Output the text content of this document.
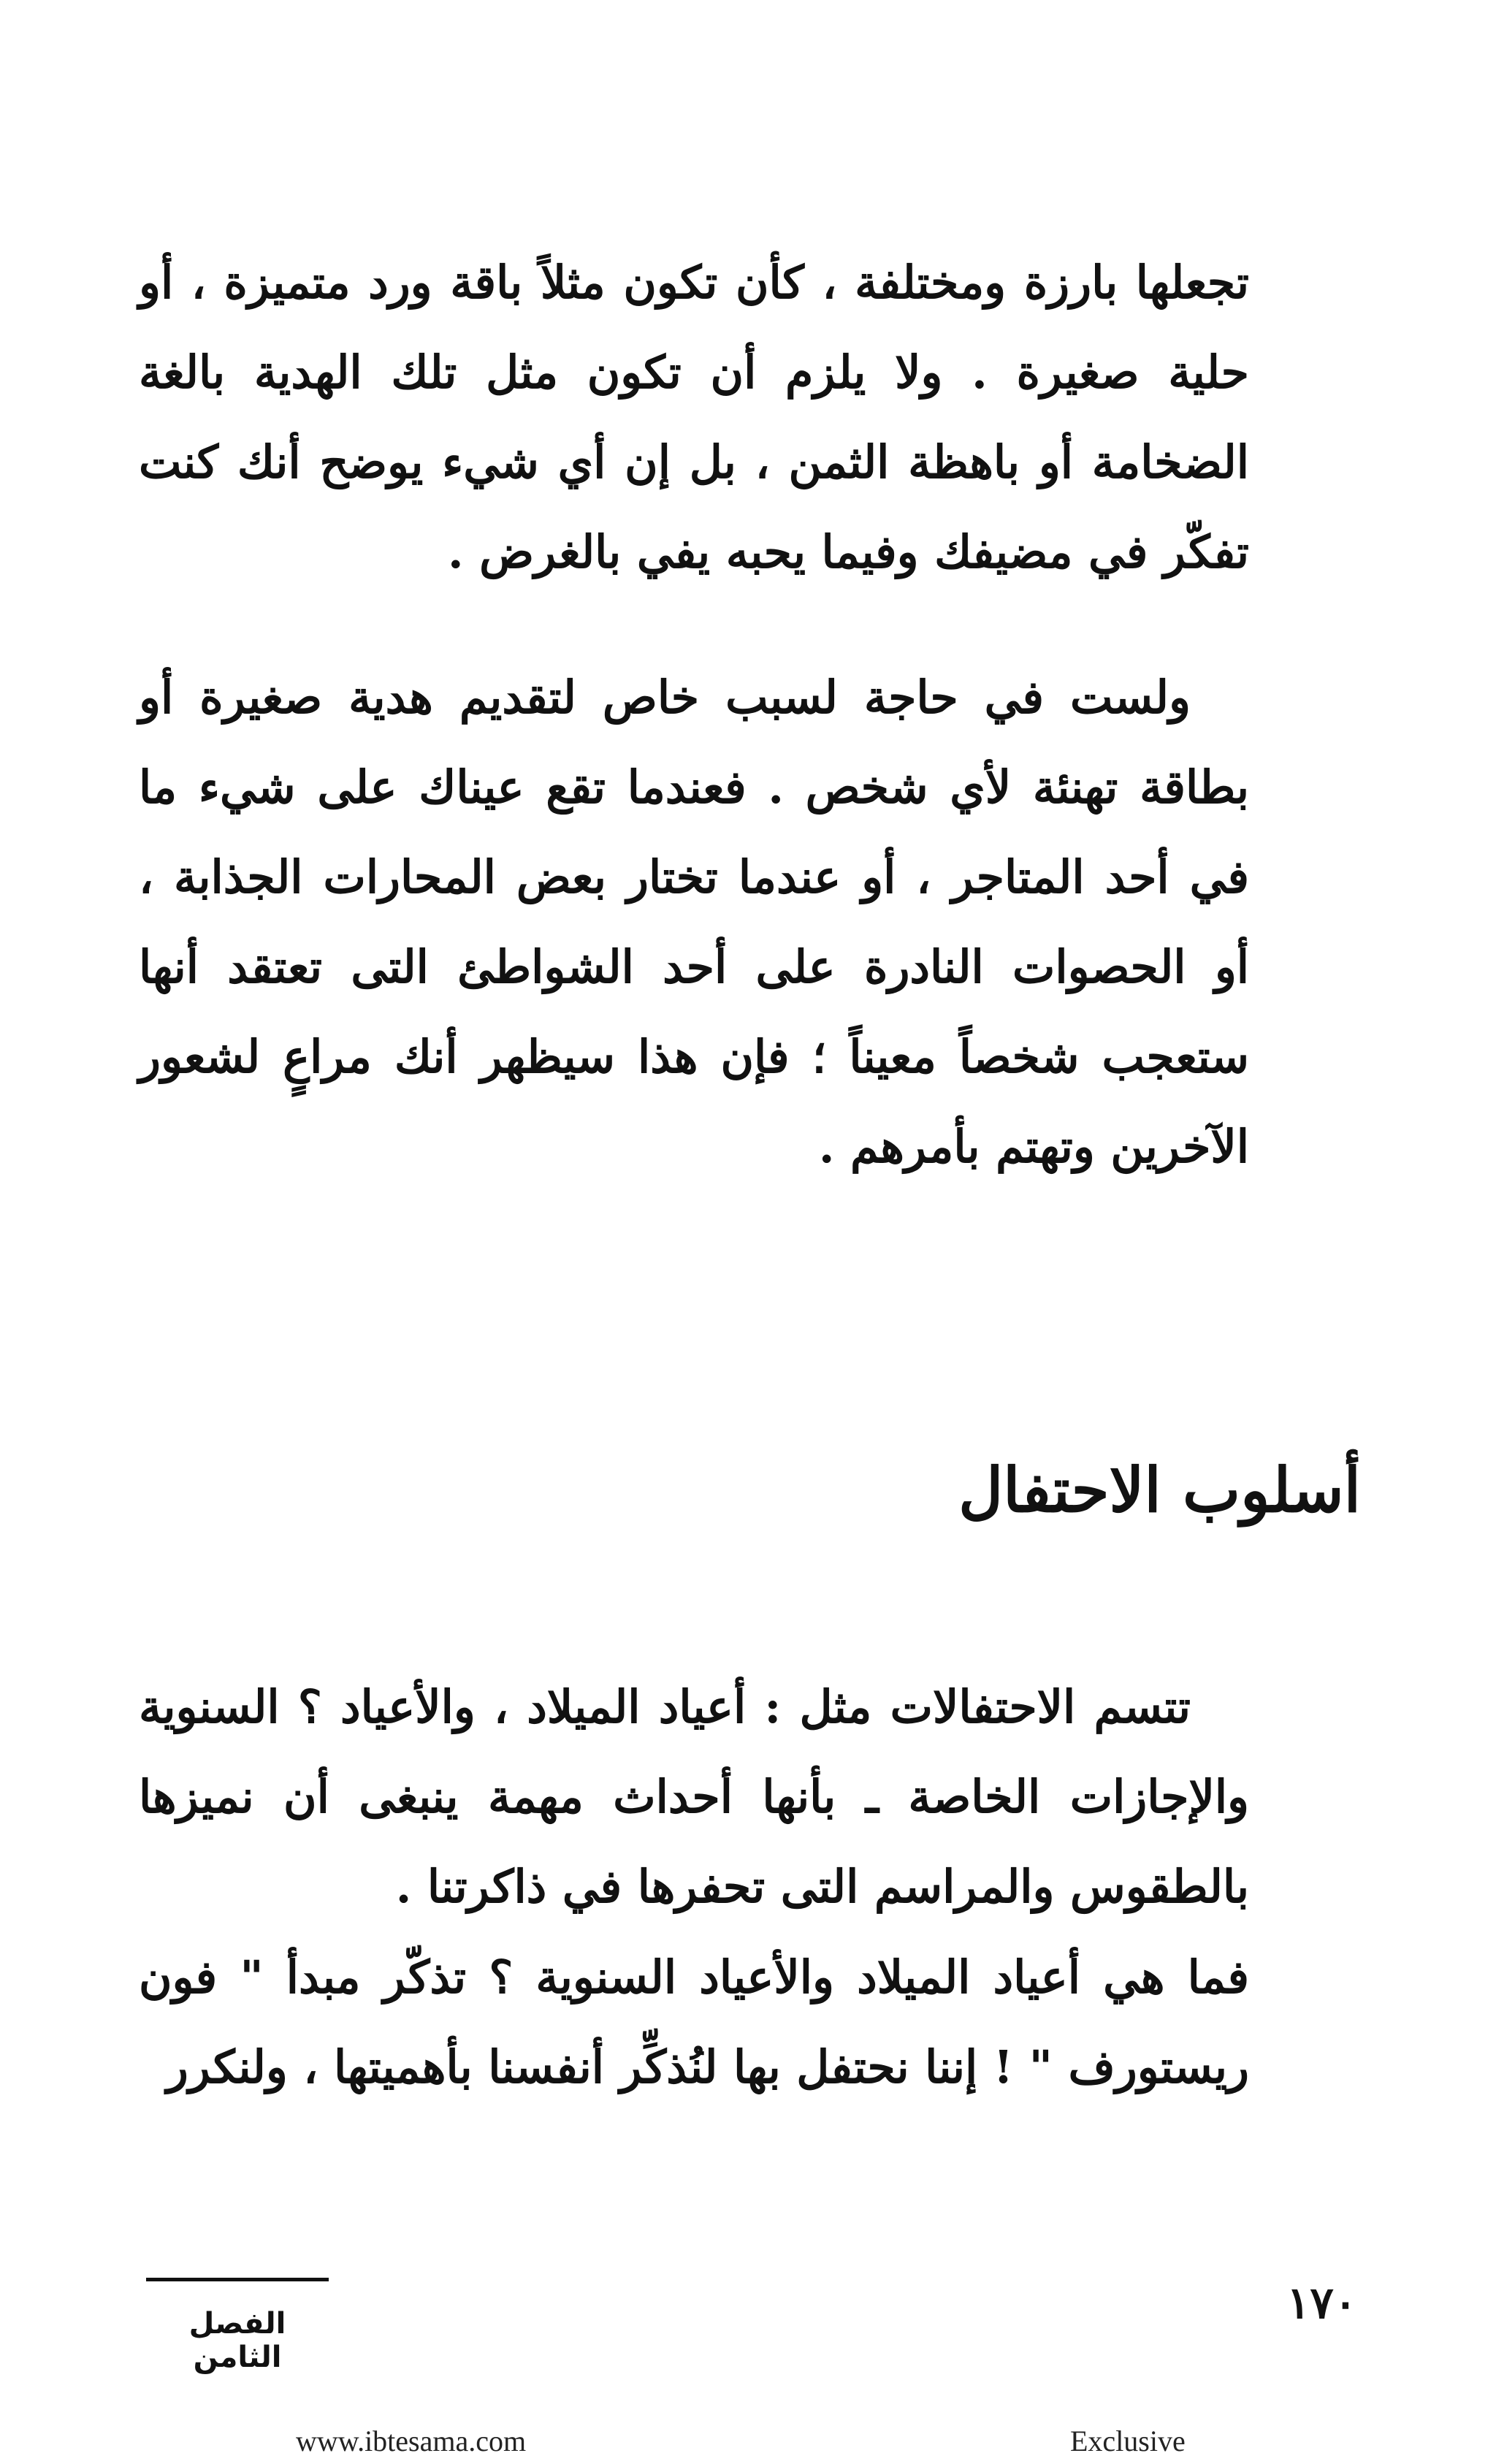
تجعلها بارزة ومختلفة ، كأن تكون مثلاً باقة ورد متميزة ، أو حلية صغيرة . ولا يلزم أن تكون مثل تلك الهدية بالغة الضخامة أو باهظة الثمن ، بل إن أي شيء يوضح أنك كنت تفكّر في مضيفك وفيما يحبه يفي بالغرض .

ولست في حاجة لسبب خاص لتقديم هدية صغيرة أو بطاقة تهنئة لأي شخص . فعندما تقع عيناك على شيء ما في أحد المتاجر ، أو عندما تختار بعض المحارات الجذابة ، أو الحصوات النادرة على أحد الشواطئ التى تعتقد أنها ستعجب شخصاً معيناً ؛ فإن هذا سيظهر أنك مراعٍ لشعور الآخرين وتهتم بأمرهم .

أسلوب الاحتفال

تتسم الاحتفالات مثل : أعياد الميلاد ، والأعياد ؟ السنوية والإجازات الخاصة ـ بأنها أحداث مهمة ينبغى أن نميزها بالطقوس والمراسم التى تحفرها في ذاكرتنا .

فما هي أعياد الميلاد والأعياد السنوية ؟ تذكّر مبدأ " فون ريستورف " ! إننا نحتفل بها لنُذكِّر أنفسنا بأهميتها ، ولنكرر

الفصل الثامن
١٧٠
www.ibtesama.com	Exclusive
